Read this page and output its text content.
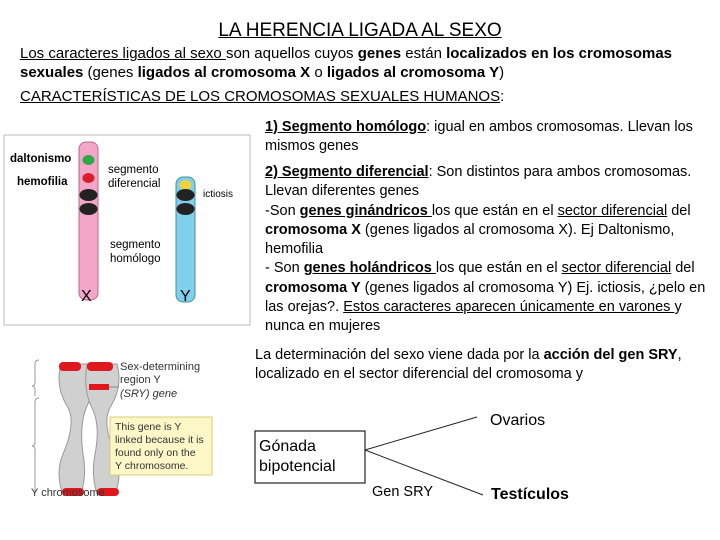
LA HERENCIA LIGADA AL SEXO
Los caracteres ligados al sexo son aquellos cuyos genes están localizados en los cromosomas sexuales (genes ligados al cromosoma X o ligados al cromosoma Y)
CARACTERÍSTICAS DE LOS CROMOSOMAS SEXUALES HUMANOS:
daltonismo
hemofilia
segmento
diferencial
ictiosis
segmento
homólogo
X	Y
1) Segmento homólogo: igual en ambos cromosomas. Llevan los mismos genes
2) Segmento diferencial: Son distintos para ambos cromosomas. Llevan diferentes genes
-Son genes ginándricos los que están en el sector diferencial del cromosoma X (genes ligados al cromosoma X). Ej Daltonismo, hemofilia
- Son genes holándricos los que están en el sector diferencial del cromosoma Y (genes ligados al cromosoma Y) Ej. ictiosis, ¿pelo en las orejas?. Estos caracteres aparecen únicamente en varones y nunca en mujeres
La determinación del sexo viene dada por la acción del gen SRY, localizado en el sector diferencial del cromosoma y
Sex-determining
region Y
(SRY) gene
This gene is Y
linked because it is
found only on the
Y chromosome.
Y chromosome
Gónada
bipotencial
Ovarios
Gen SRY	Testículos
